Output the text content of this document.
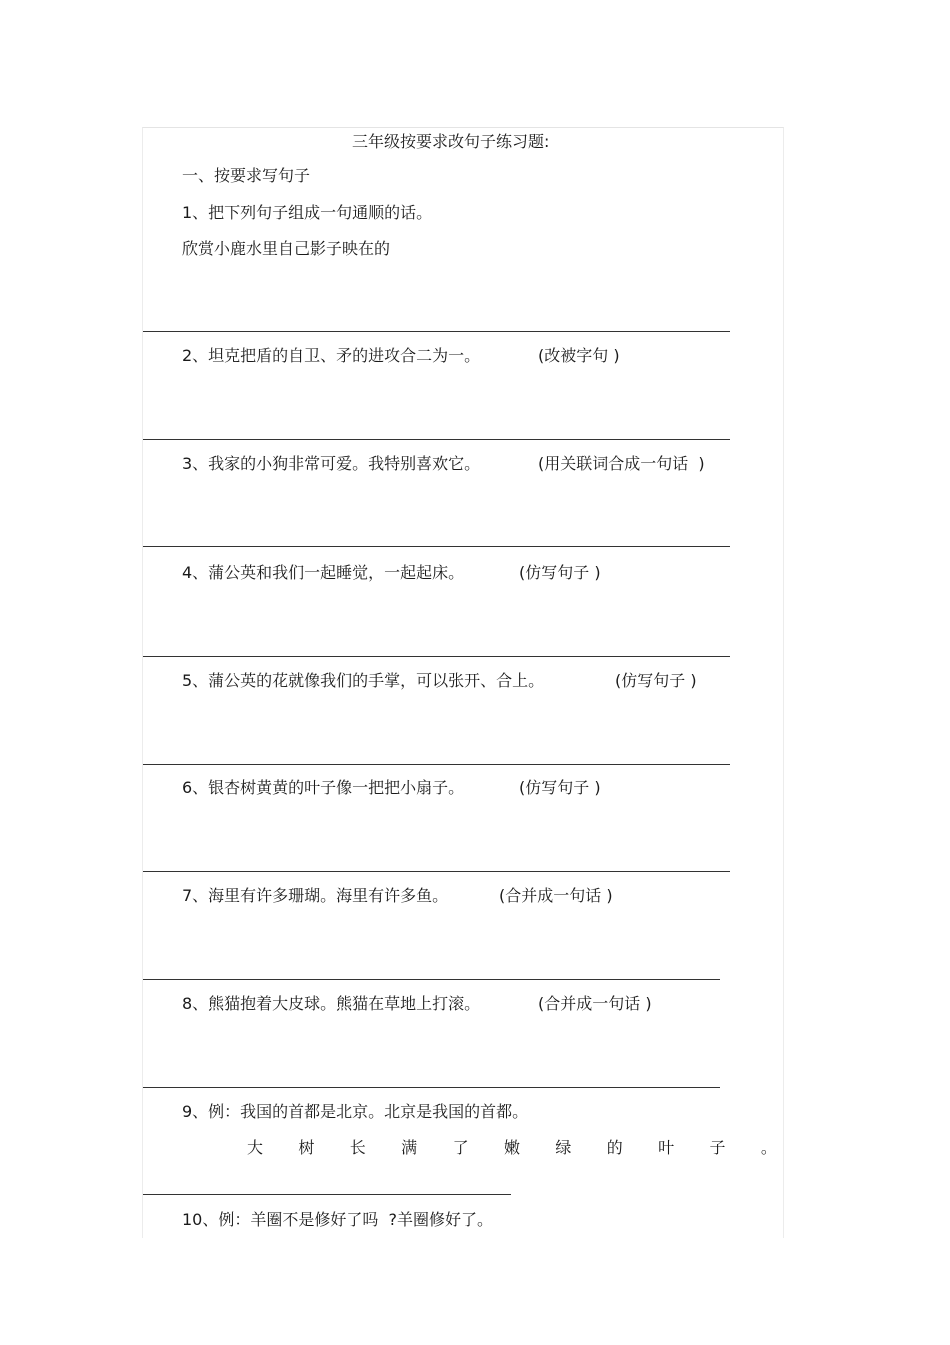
三年级按要求改句子练习题:
一、按要求写句子
1、把下列句子组成一句通顺的话。
欣赏小鹿水里自己影子映在的
2、坦克把盾的自卫、矛的进攻合二为一。	(改被字句 )
3、我家的小狗非常可爱。我特别喜欢它。	(用关联词合成一句话  )
4、蒲公英和我们一起睡觉，一起起床。	(仿写句子 )
5、蒲公英的花就像我们的手掌，可以张开、合上。	(仿写句子 )
6、银杏树黄黄的叶子像一把把小扇子。	(仿写句子 )
7、海里有许多珊瑚。海里有许多鱼。	(合并成一句话 )
8、熊猫抱着大皮球。熊猫在草地上打滚。	(合并成一句话 )
9、例：我国的首都是北京。北京是我国的首都。
大 树 长 满 了 嫩 绿 的 叶 子 。
10、例：羊圈不是修好了吗  ?羊圈修好了。
